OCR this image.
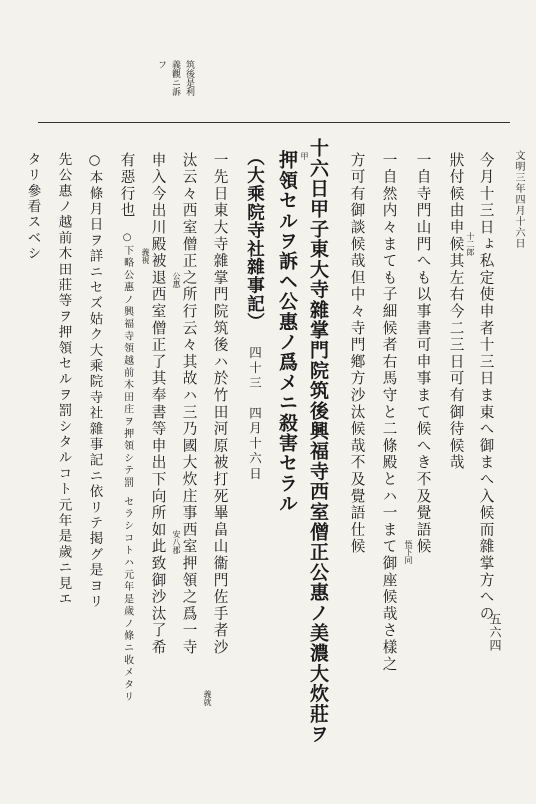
五六四
筑後是利
義觀ニ訴
フ
文明三年四月十六日
今月十三日ょ私定使申者十三日ま東へ御まへ入候而雜掌方への
狀付候由申候其左右今二三日可有御待候哉
一自寺門山門へも以事書可申事まて候へき不及覺語候
一自然内々まても子細候者右馬守と二條殿とハ一まて御座候哉さ樣之
方可有御談候哉但中々寺門鄕方沙汰候哉不及覺語仕候
十六日甲子東大寺雜掌門院筑後興福寺西室僧正公惠ノ美濃大炊莊ヲ
押領セルヲ訴ヘ公惠ノ爲メニ殺害セラル
（大乘院寺社雜事記） 四十三　四月十六日
一先日東大寺雜掌門院筑後ハ於竹田河原被打死畢畠山衞門佐手者沙
汰云々西室僧正之所行云々其故ハ三乃國大炊庄事西室押領之爲一寺
申入今出川殿被退西室僧正了其奉書等申出下向所如此致御沙汰了希
有惡行也 ○下略公惠ノ興福寺領越前木田庄ヲ押領シテ罰 セラシコトハ元年是歲ノ條ニ收メタリ
○本條月日ヲ詳ニセズ姑ク大乘院寺社雜事記ニ依リテ掲グ是ヨリ
先公惠ノ越前木田莊等ヲ押領セルヲ罰シタルコト元年是歲ニ見エ
タリ參看スベシ	十二郎
悟下同
甲
義就
公惠
安八郡
義視
